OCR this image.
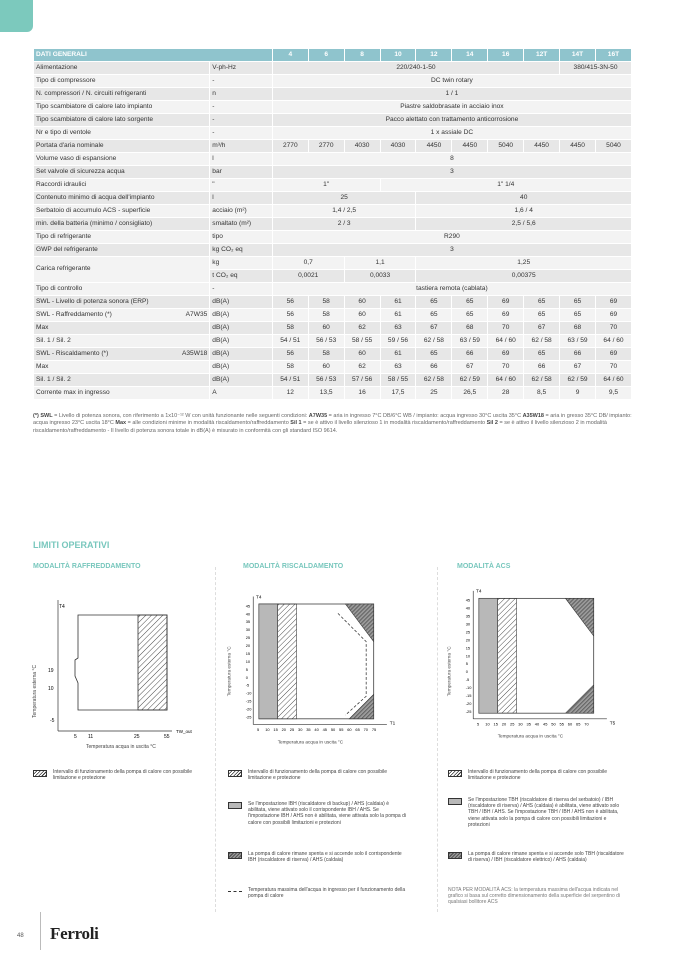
DATI GENERALI		4	6	8	10	12	14	16	12T	14T	16T
Alimentazione	V-ph-Hz	220/240-1-50								380/415-3N-50	
Tipo di compressore	-	DC twin rotary									
N. compressori / N. circuiti refrigeranti	n	1 / 1									
Tipo scambiatore di calore lato impianto	-	Piastre saldobrasate in acciaio inox									
Tipo scambiatore di calore lato sorgente	-	Pacco alettato con trattamento anticorrosione									
Nr e tipo di ventole	-	1 x assiale DC									
Portata d'aria nominale	m³/h	2770	2770	4030	4030	4450	4450	5040	4450	4450	5040
Volume vaso di espansione	l	8									
Set valvole di sicurezza acqua	bar	3									
Raccordi idraulici	"	1"			1" 1/4						
Contenuto minimo di acqua dell'impianto	l	25				40					
Serbatoio di accumulo ACS - superficie	acciaio (m²)	1,4 / 2,5				1,6 / 4					
min. della batteria (minimo / consigliato)	smaltato (m²)	2 / 3				2,5 / 5,6					
Tipo di refrigerante	tipo	R290									
GWP del refrigerante	kg CO₂ eq	3									
Carica refrigerante	kg	0,7		1,1		1,25					
	t CO₂ eq	0,0021		0,0033		0,00375					
Tipo di controllo	-	tastiera remota (cablata)									
SWL - Livello di potenza sonora (ERP)	dB(A)	56	58	60	61	65	65	69	65	65	69
SWL - Raffreddamento (*) A7W35	dB(A)	56	58	60	61	65	65	69	65	65	69
Max	dB(A)	58	60	62	63	67	68	70	67	68	70
Sil. 1 / Sil. 2	dB(A)	54 / 51	56 / 53	58 / 55	59 / 56	62 / 58	63 / 59	64 / 60	62 / 58	63 / 59	64 / 60
SWL - Riscaldamento (*) A35W18	dB(A)	56	58	60	61	65	66	69	65	66	69
Max	dB(A)	58	60	62	63	66	67	70	66	67	70
Sil. 1 / Sil. 2	dB(A)	54 / 51	56 / 53	57 / 56	58 / 55	62 / 58	62 / 59	64 / 60	62 / 58	62 / 59	64 / 60
Corrente max in ingresso	A	12	13,5	16	17,5	25	26,5	28	8,5	9	9,5
(*) SWL = Livello di potenza sonora, con riferimento a 1x10⁻¹² W con unità funzionante nelle seguenti condizioni: A7W35 = aria in ingresso 7°C DB/6°C WB / impianto: acqua ingresso 30°C uscita 35°C A35W18 = aria in gresso 35°C DB/ impianto: acqua ingresso 23°C uscita 18°C Max = alle condizioni minime in modalità riscaldamento/raffreddamento Sil 1 = se è attivo il livello silenzioso 1 in modalità riscaldamento/raffreddamento Sil 2 = se è attivo il livello silenzioso 2 in modalità riscaldamento/raffreddamento - Il livello di potenza sonora totale in dB(A) è misurato in conformità con gli standard ISO 9614.
LIMITI OPERATIVI
MODALITÀ RAFFREDDAMENTO	MODALITÀ RISCALDAMENTO	MODALITÀ ACS
Temperatura esterna °C
T4
19
10
-5
5 11	25	55
TW_out
Temperatura acqua in uscita °C
Temperatura esterna °C
T4
T1
45
40
35
30
25
20
15
10
5
0
-5
-10
-15
-20
-25
5 10 15 20 25 30 35 40 45 50 55 60 65 70 75
Temperatura acqua in uscita °C
Temperatura esterna °C
T4
T5
45
40
35
30
25
20
15
10
5
0
-5
-10
-15
-20
-25
5 10 15 20 25 30 35 40 45 50 55 60 65 70
Temperatura acqua in uscita °C
Intervallo di funzionamento della pompa di calore con possibile limitazione e protezione
Intervallo di funzionamento della pompa di calore con possibile limitazione e protezione
Se l'impostazione IBH (riscaldatore di backup) / AHS (caldaia) è abilitata, viene attivato solo il corrispondente IBH / AHS. Se l'impostazione IBH / AHS non è abilitata, viene attivata solo la pompa di calore con possibili limitazioni e protezioni
La pompa di calore rimane spenta e si accende solo il corrispondente IBH (riscaldatore di riserva) / AHS (caldaia)
Temperatura massima dell'acqua in ingresso per il funzionamento della pompa di calore
Intervallo di funzionamento della pompa di calore con possibile limitazione e protezione
Se l'impostazione TBH (riscaldatore di riserva del serbatoio) / IBH (riscaldatore di riserva) / AHS (caldaia) è abilitata, viene attivato solo TBH / IBH / AHS. Se l'impostazione TBH / IBH / AHS non è abilitata, viene attivata solo la pompa di calore con possibili limitazioni e protezioni
La pompa di calore rimane spenta e si accende solo TBH (riscaldatore di riserva) / IBH (riscaldatore elettrico) / AHS (caldaia)
NOTA PER MODALITÀ ACS: la temperatura massima dell'acqua indicata nel grafico si basa sul corretto dimensionamento della superficie del serpentino di qualsiasi bollitore ACS
48 Ferroli
